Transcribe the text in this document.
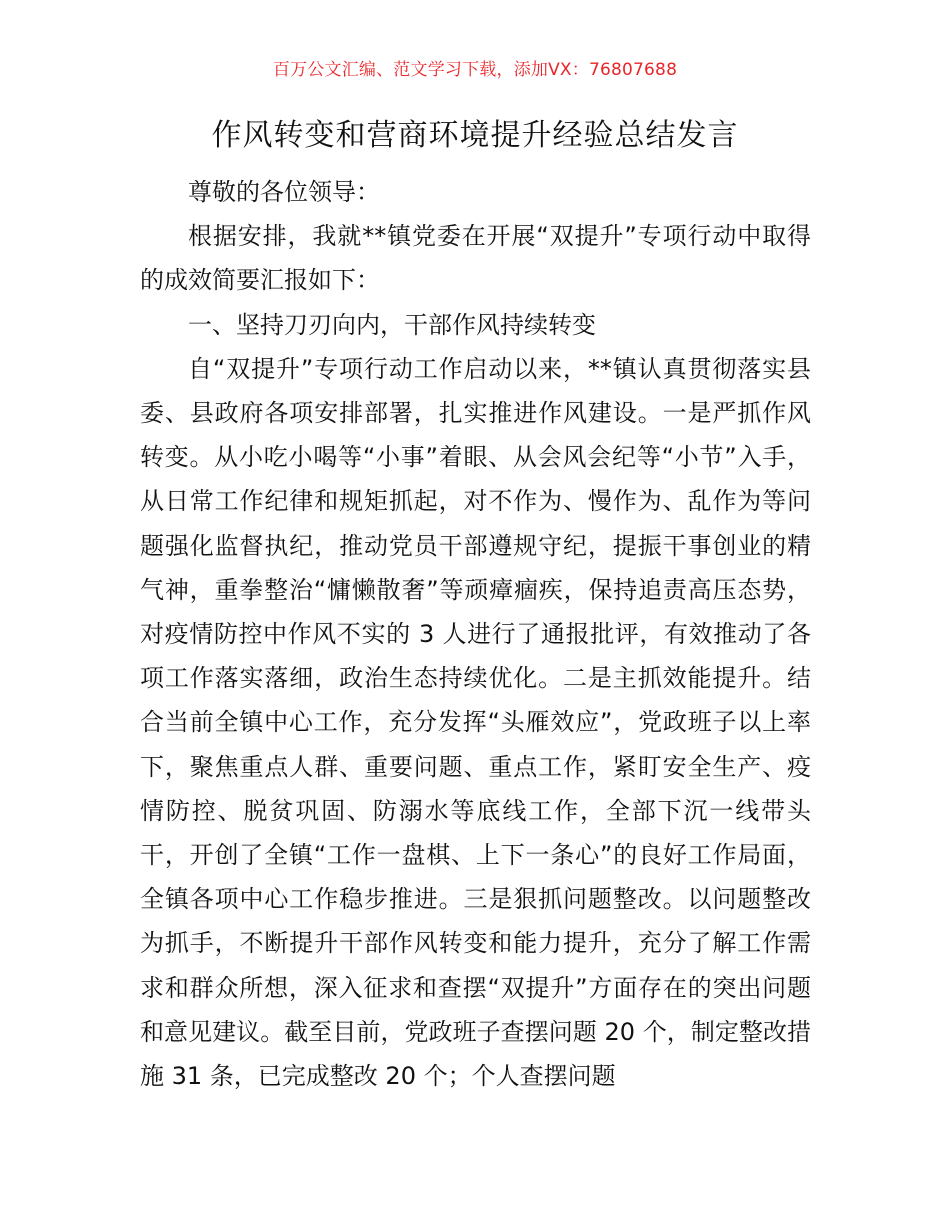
百万公文汇编、范文学习下载，添加VX：76807688
作风转变和营商环境提升经验总结发言

尊敬的各位领导：

根据安排，我就**镇党委在开展“双提升”专项行动中取得的成效简要汇报如下：

一、坚持刀刃向内，干部作风持续转变

自“双提升”专项行动工作启动以来，**镇认真贯彻落实县委、县政府各项安排部署，扎实推进作风建设。一是严抓作风转变。从小吃小喝等“小事”着眼、从会风会纪等“小节”入手，从日常工作纪律和规矩抓起，对不作为、慢作为、乱作为等问题强化监督执纪，推动党员干部遵规守纪，提振干事创业的精气神，重拳整治“慵懒散奢”等顽瘴痼疾，保持追责高压态势，对疫情防控中作风不实的 3 人进行了通报批评，有效推动了各项工作落实落细，政治生态持续优化。二是主抓效能提升。结合当前全镇中心工作，充分发挥“头雁效应”，党政班子以上率下，聚焦重点人群、重要问题、重点工作，紧盯安全生产、疫情防控、脱贫巩固、防溺水等底线工作，全部下沉一线带头干，开创了全镇“工作一盘棋、上下一条心”的良好工作局面，全镇各项中心工作稳步推进。三是狠抓问题整改。以问题整改为抓手，不断提升干部作风转变和能力提升，充分了解工作需求和群众所想，深入征求和查摆“双提升”方面存在的突出问题和意见建议。截至目前，党政班子查摆问题 20 个，制定整改措施 31 条，已完成整改 20 个；个人查摆问题
